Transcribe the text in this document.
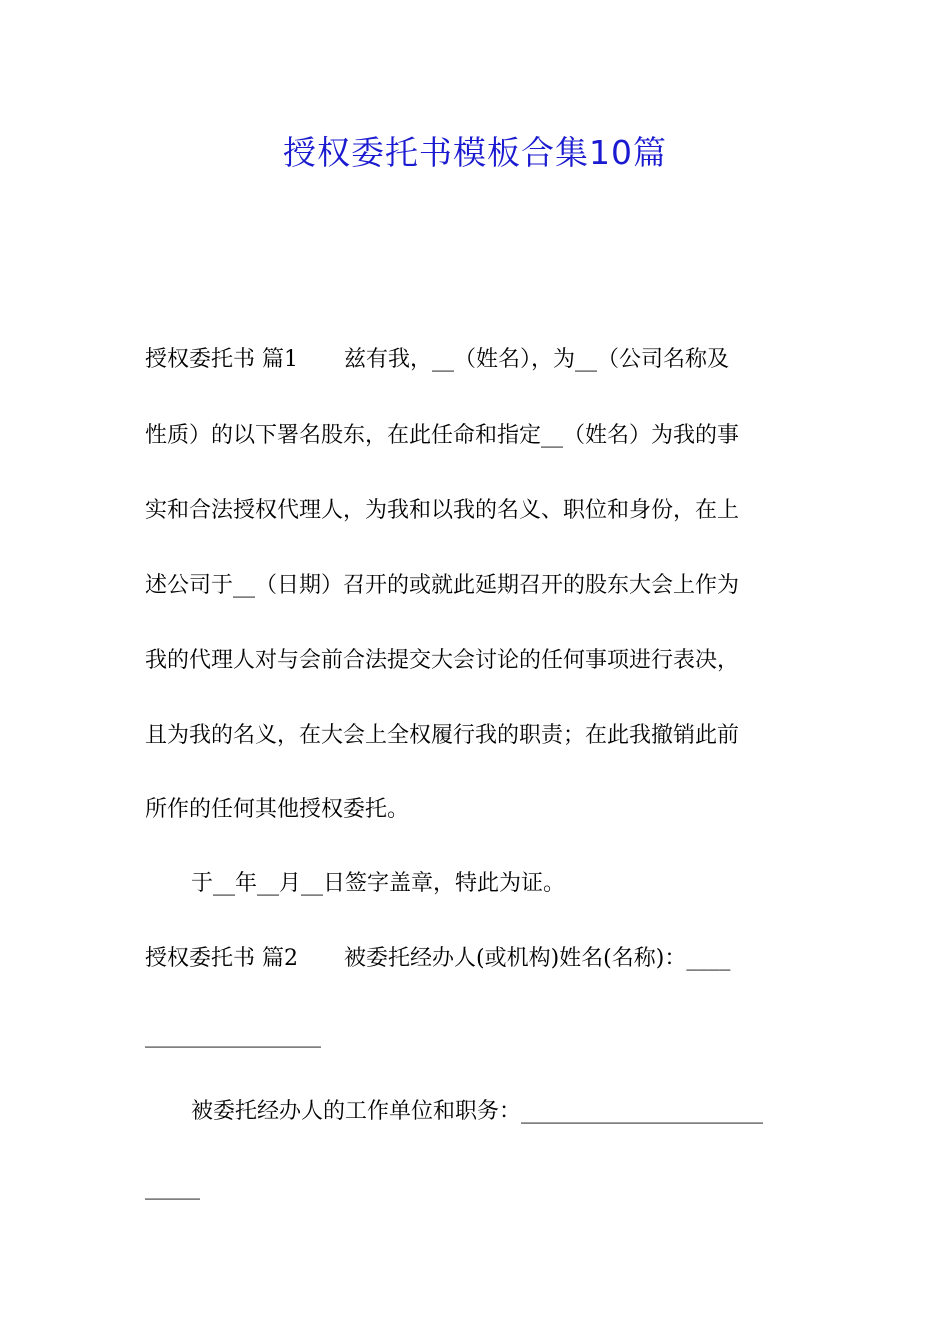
授权委托书模板合集10篇
授权委托书 篇1 兹有我，__（姓名），为__（公司名称及
性质）的以下署名股东，在此任命和指定__（姓名）为我的事
实和合法授权代理人，为我和以我的名义、职位和身份，在上
述公司于__（日期）召开的或就此延期召开的股东大会上作为
我的代理人对与会前合法提交大会讨论的任何事项进行表决，
且为我的名义，在大会上全权履行我的职责；在此我撤销此前
所作的任何其他授权委托。
于__年__月__日签字盖章，特此为证。
授权委托书 篇2 被委托经办人(或机构)姓名(名称)：____
________________
被委托经办人的工作单位和职务：______________________
_____
